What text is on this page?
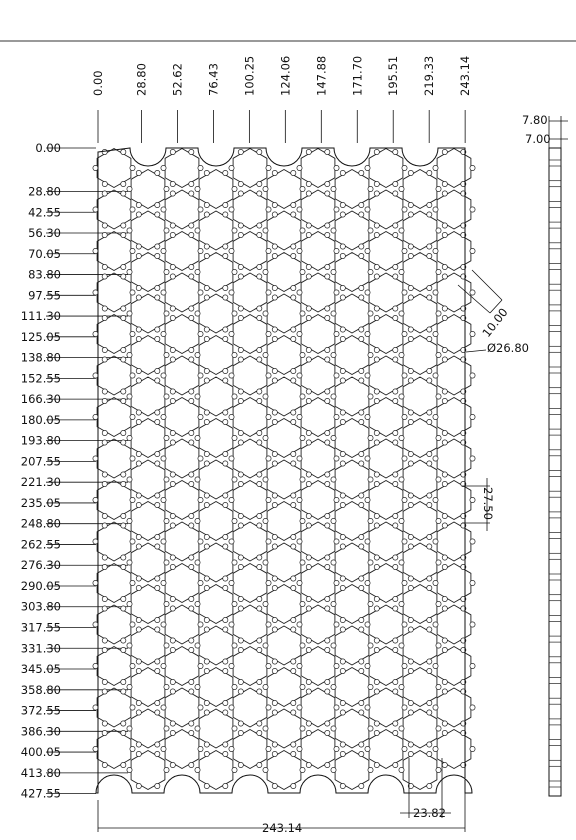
0.00	28.80 52.62 76.43 100.25 124.06 147.88 171.70 195.51 219.33 243.14
0.00
28.80
42.55
56.30
70.05
83.80
97.55
111.30
125.05
138.80
152.55
166.30
180.05
193.80
207.55
221.30
235.05
248.80
262.55
276.30
290.05
303.80
317.55
331.30
345.05
358.80
372.55
386.30
400.05
413.80
427.55
10.00
Ø26.80
27.50
23.82
243.14
7.80
7.00
